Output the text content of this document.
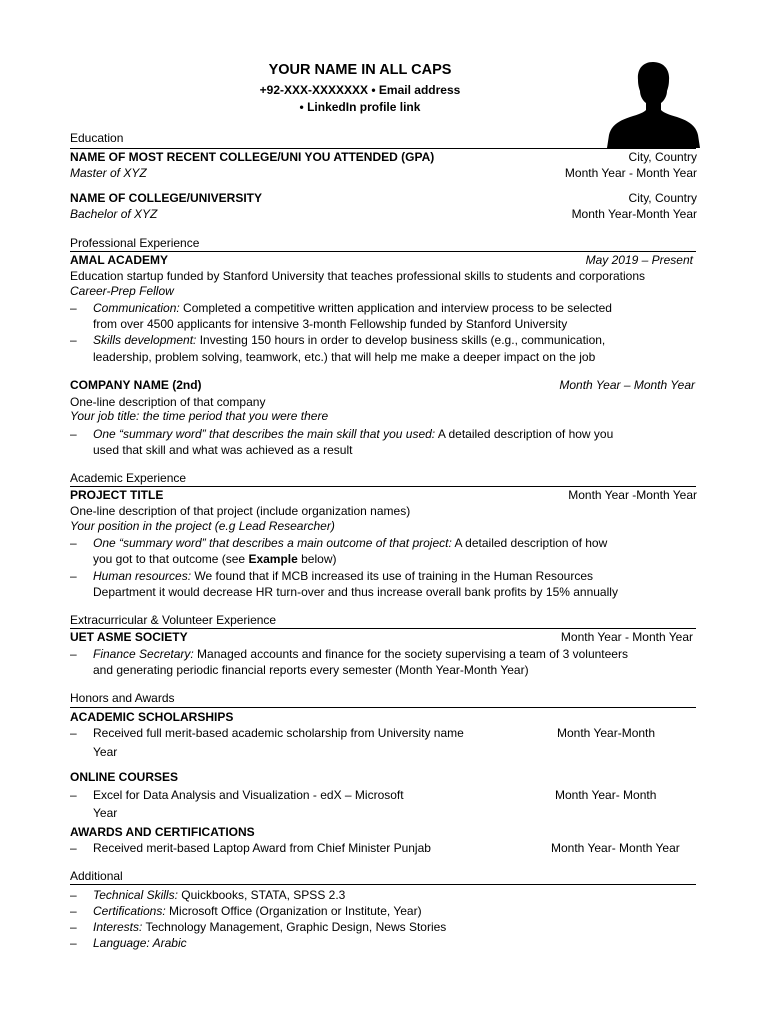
YOUR NAME IN ALL CAPS
+92-XXX-XXXXXXX • Email address
• LinkedIn profile link
Education
NAME OF MOST RECENT COLLEGE/UNI YOU ATTENDED (GPA)	City, Country
Master of XYZ	Month Year - Month Year
NAME OF COLLEGE/UNIVERSITY	City, Country
Bachelor of XYZ	Month Year-Month Year
Professional Experience
AMAL ACADEMY	May 2019 – Present
Education startup funded by Stanford University that teaches professional skills to students and corporations
Career-Prep Fellow
– Communication: Completed a competitive written application and interview process to be selected
from over 4500 applicants for intensive 3-month Fellowship funded by Stanford University
– Skills development: Investing 150 hours in order to develop business skills (e.g., communication,
leadership, problem solving, teamwork, etc.) that will help me make a deeper impact on the job
COMPANY NAME (2nd)	Month Year – Month Year
One-line description of that company
Your job title: the time period that you were there
– One “summary word” that describes the main skill that you used: A detailed description of how you
used that skill and what was achieved as a result
Academic Experience
PROJECT TITLE	Month Year -Month Year
One-line description of that project (include organization names)
Your position in the project (e.g Lead Researcher)
– One “summary word” that describes a main outcome of that project: A detailed description of how
you got to that outcome (see Example below)
– Human resources: We found that if MCB increased its use of training in the Human Resources
Department it would decrease HR turn-over and thus increase overall bank profits by 15% annually
Extracurricular & Volunteer Experience
UET ASME SOCIETY	Month Year - Month Year
– Finance Secretary: Managed accounts and finance for the society supervising a team of 3 volunteers
and generating periodic financial reports every semester (Month Year-Month Year)
Honors and Awards
ACADEMIC SCHOLARSHIPS
– Received full merit-based academic scholarship from University name	Month Year-Month
Year
ONLINE COURSES
– Excel for Data Analysis and Visualization - edX – Microsoft	Month Year- Month
Year
AWARDS AND CERTIFICATIONS
– Received merit-based Laptop Award from Chief Minister Punjab	Month Year- Month Year
Additional
– Technical Skills: Quickbooks, STATA, SPSS 2.3
– Certifications: Microsoft Office (Organization or Institute, Year)
– Interests: Technology Management, Graphic Design, News Stories
– Language: Arabic
